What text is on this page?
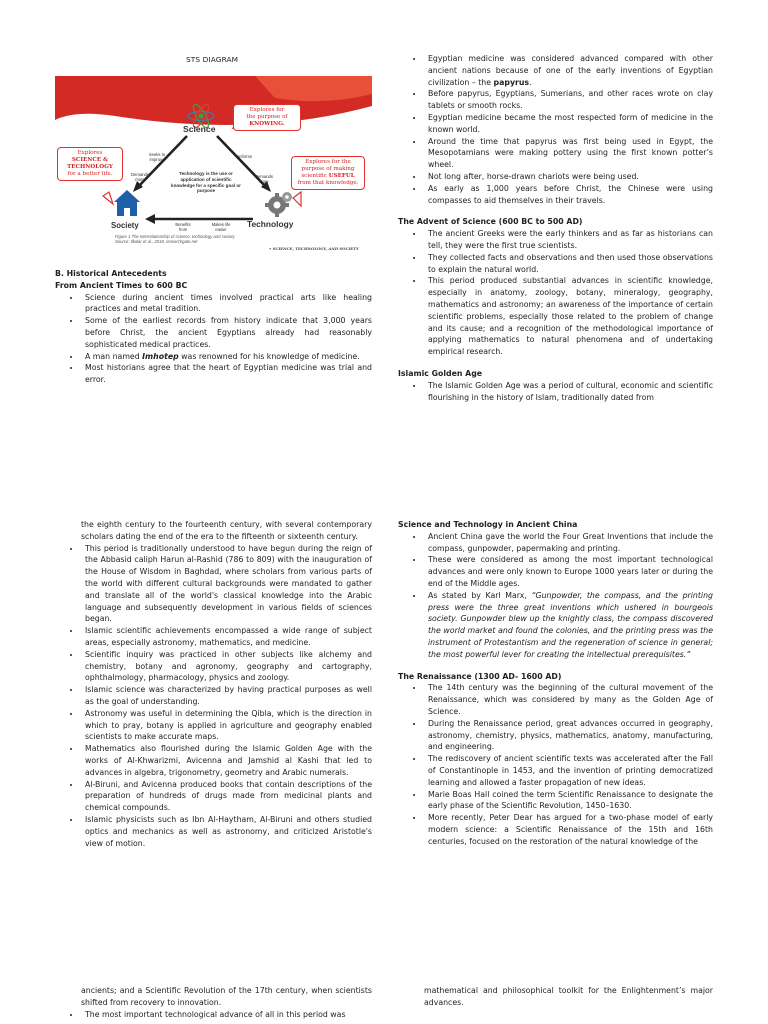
STS DIAGRAM
Science
Society	Technology
Explores for
the purpose of
KNOWING.
Explores
SCIENCE &
TECHNOLOGY
for a better life.
Explores for the
purpose of making
scientific USEFUL
from that knowledge.
Seeks to improve
Informs
Demands more
Demands more
Benefits from
Makes life easier
Technology is the use or application of scientific knowledge for a specific goal or purpose
Figure 1 The Interrelationship of science, technology and society
Source: Ilkalar et al., 2018, researchgate.net
• SCIENCE, TECHNOLOGY, AND SOCIETY

B. Historical Antecedents

From Ancient Times to 600 BC

• Science during ancient times involved practical arts like healing practices and metal tradition.
• Some of the earliest records from history indicate that 3,000 years before Christ, the ancient Egyptians already had reasonably sophisticated medical practices.
• A man named Imhotep was renowned for his knowledge of medicine.
• Most historians agree that the heart of Egyptian medicine was trial and error.
• Egyptian medicine was considered advanced compared with other ancient nations because of one of the early inventions of Egyptian civilization – the papyrus.
• Before papyrus, Egyptians, Sumerians, and other races wrote on clay tablets or smooth rocks.
• Egyptian medicine became the most respected form of medicine in the known world.
• Around the time that papyrus was first being used in Egypt, the Mesopotamians were making pottery using the first known potter’s wheel.
• Not long after, horse-drawn chariots were being used.
• As early as 1,000 years before Christ, the Chinese were using compasses to aid themselves in their travels.

The Advent of Science (600 BC to 500 AD)

• The ancient Greeks were the early thinkers and as far as historians can tell, they were the first true scientists.
• They collected facts and observations and then used those observations to explain the natural world.
• This period produced substantial advances in scientific knowledge, especially in anatomy, zoology, botany, mineralogy, geography, mathematics and astronomy; an awareness of the importance of certain scientific problems, especially those related to the problem of change and its cause; and a recognition of the methodological importance of applying mathematics to natural phenomena and of undertaking empirical research.

Islamic Golden Age

• The Islamic Golden Age was a period of cultural, economic and scientific flourishing in the history of Islam, traditionally dated from
the eighth century to the fourteenth century, with several contemporary scholars dating the end of the era to the fifteenth or sixteenth century.
• This period is traditionally understood to have begun during the reign of the Abbasid caliph Harun al-Rashid (786 to 809) with the inauguration of the House of Wisdom in Baghdad, where scholars from various parts of the world with different cultural backgrounds were mandated to gather and translate all of the world's classical knowledge into the Arabic language and subsequently development in various fields of sciences began.
• Islamic scientific achievements encompassed a wide range of subject areas, especially astronomy, mathematics, and medicine.
• Scientific inquiry was practiced in other subjects like alchemy and chemistry, botany and agronomy, geography and cartography, ophthalmology, pharmacology, physics and zoology.
• Islamic science was characterized by having practical purposes as well as the goal of understanding.
• Astronomy was useful in determining the Qibla, which is the direction in which to pray, botany is applied in agriculture and geography enabled scientists to make accurate maps.
• Mathematics also flourished during the Islamic Golden Age with the works of Al-Khwarizmi, Avicenna and Jamshid al Kashi that led to advances in algebra, trigonometry, geometry and Arabic numerals.
• Al-Biruni, and Avicenna produced books that contain descriptions of the preparation of hundreds of drugs made from medicinal plants and chemical compounds.
• Islamic physicists such as Ibn Al-Haytham, Al-Biruni and others studied optics and mechanics as well as astronomy, and criticized Aristotle's view of motion.

Science and Technology in Ancient China

• Ancient China gave the world the Four Great Inventions that include the compass, gunpowder, papermaking and printing.
• These were considered as among the most important technological advances and were only known to Europe 1000 years later or during the end of the Middle ages.
• As stated by Karl Marx, “Gunpowder, the compass, and the printing press were the three great inventions which ushered in bourgeois society. Gunpowder blew up the knightly class, the compass discovered the world market and found the colonies, and the printing press was the instrument of Protestantism and the regeneration of science in general; the most powerful lever for creating the intellectual prerequisites.”

The Renaissance (1300 AD- 1600 AD)

• The 14th century was the beginning of the cultural movement of the Renaissance, which was considered by many as the Golden Age of Science.
• During the Renaissance period, great advances occurred in geography, astronomy, chemistry, physics, mathematics, anatomy, manufacturing, and engineering.
• The rediscovery of ancient scientific texts was accelerated after the Fall of Constantinople in 1453, and the invention of printing democratized learning and allowed a faster propagation of new ideas.
• Marie Boas Hall coined the term Scientific Renaissance to designate the early phase of the Scientific Revolution, 1450–1630.
• More recently, Peter Dear has argued for a two-phase model of early modern science: a Scientific Renaissance of the 15th and 16th centuries, focused on the restoration of the natural knowledge of the
ancients; and a Scientific Revolution of the 17th century, when scientists shifted from recovery to innovation.
• The most important technological advance of all in this period was
mathematical and philosophical toolkit for the Enlightenment’s major advances.
